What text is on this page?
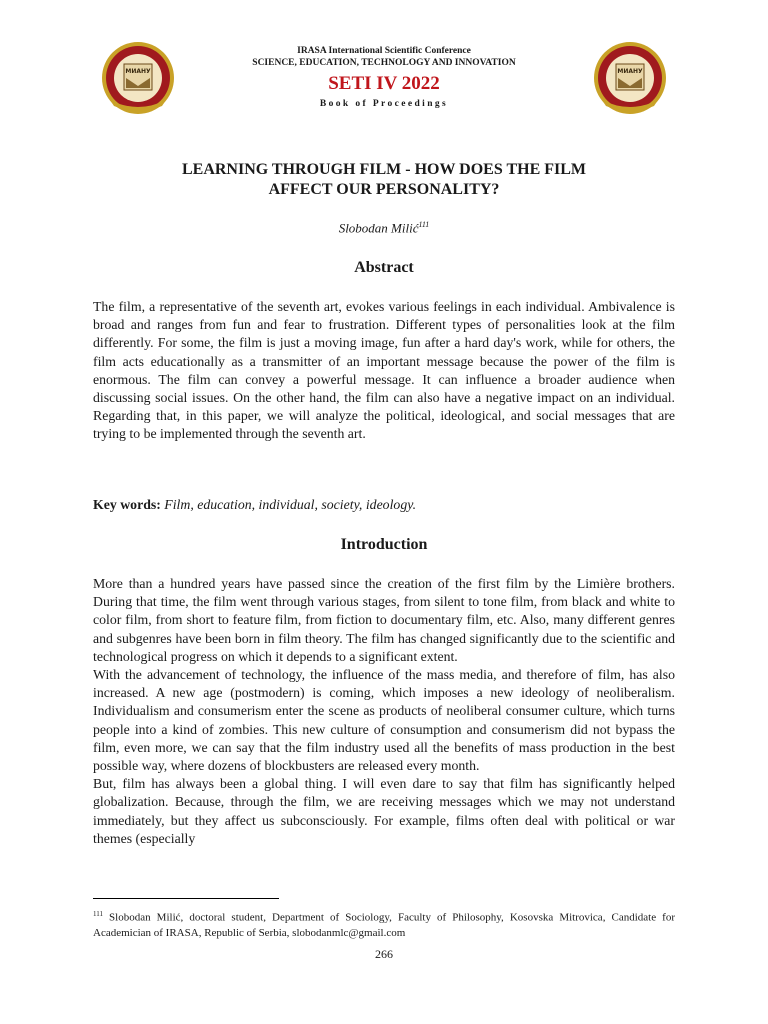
МИАНУ
IRASA International Scientific Conference
SCIENCE, EDUCATION, TECHNOLOGY AND INNOVATION
SETI IV 2022
Book of Proceedings
МИАНУ
LEARNING THROUGH FILM - HOW DOES THE FILM
AFFECT OUR PERSONALITY?
Slobodan Milić$^{111}$
Abstract
The film, a representative of the seventh art, evokes various feelings in each individual. Ambivalence is broad and ranges from fun and fear to frustration. Different types of personalities look at the film differently. For some, the film is just a moving image, fun after a hard day's work, while for others, the film acts educationally as a transmitter of an important message because the power of the film is enormous. The film can convey a powerful message. It can influence a broader audience when discussing social issues. On the other hand, the film can also have a negative impact on an individual. Regarding that, in this paper, we will analyze the political, ideological, and social messages that are trying to be implemented through the seventh art.
Key words: Film, education, individual, society, ideology.
Introduction

More than a hundred years have passed since the creation of the first film by the Limière brothers. During that time, the film went through various stages, from silent to tone film, from black and white to color film, from short to feature film, from fiction to documentary film, etc. Also, many different genres and subgenres have been born in film theory. The film has changed significantly due to the scientific and technological progress on which it depends to a significant extent.

With the advancement of technology, the influence of the mass media, and therefore of film, has also increased. A new age (postmodern) is coming, which imposes a new ideology of neoliberalism. Individualism and consumerism enter the scene as products of neoliberal consumer culture, which turns people into a kind of zombies. This new culture of consumption and consumerism did not bypass the film, even more, we can say that the film industry used all the benefits of mass production in the best possible way, where dozens of blockbusters are released every month.

But, film has always been a global thing. I will even dare to say that film has significantly helped globalization. Because, through the film, we are receiving messages which we may not understand immediately, but they affect us subconsciously. For example, films often deal with political or war themes (especially

$^{111}$ Slobodan Milić, doctoral student, Department of Sociology, Faculty of Philosophy, Kosovska Mitrovica, Candidate for Academician of IRASA, Republic of Serbia, slobodanmlc@gmail.com
266
